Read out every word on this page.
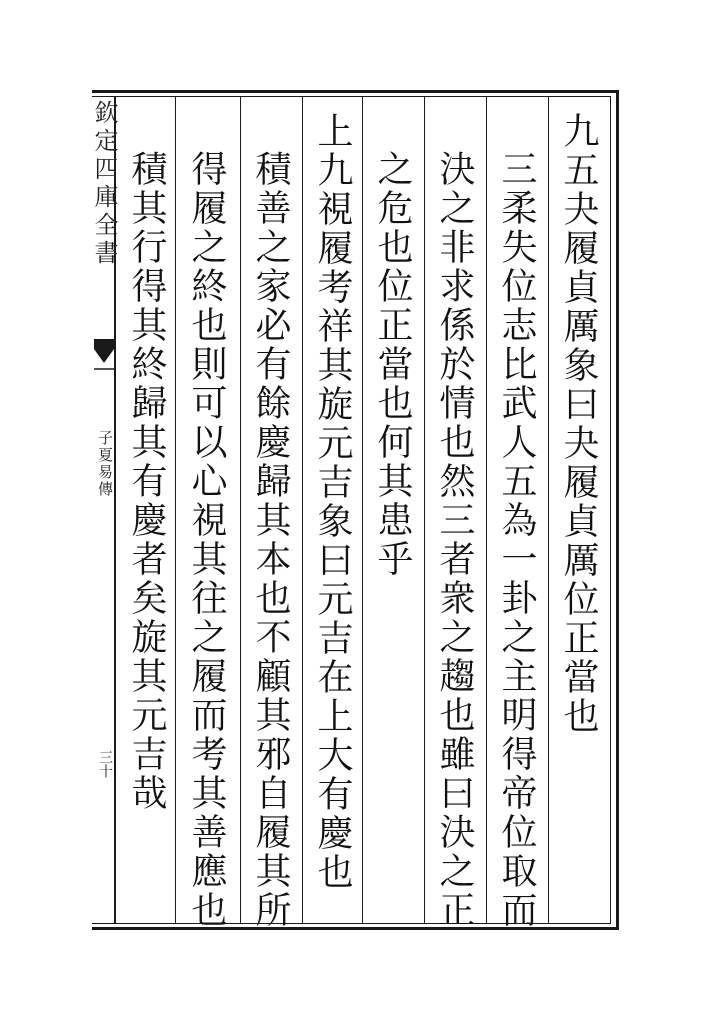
欽定四庫全書
子夏易傳
三十
九五夬履貞厲象曰夬履貞厲位正當也
三柔失位志比武人五為一卦之主明得帝位取而
決之非求係於情也然三者衆之趨也雖曰決之正
之危也位正當也何其患乎
上九視履考祥其旋元吉象曰元吉在上大有慶也
積善之家必有餘慶歸其本也不顧其邪自履其所
得履之終也則可以心視其往之履而考其善應也
積其行得其終歸其有慶者矣旋其元吉哉
